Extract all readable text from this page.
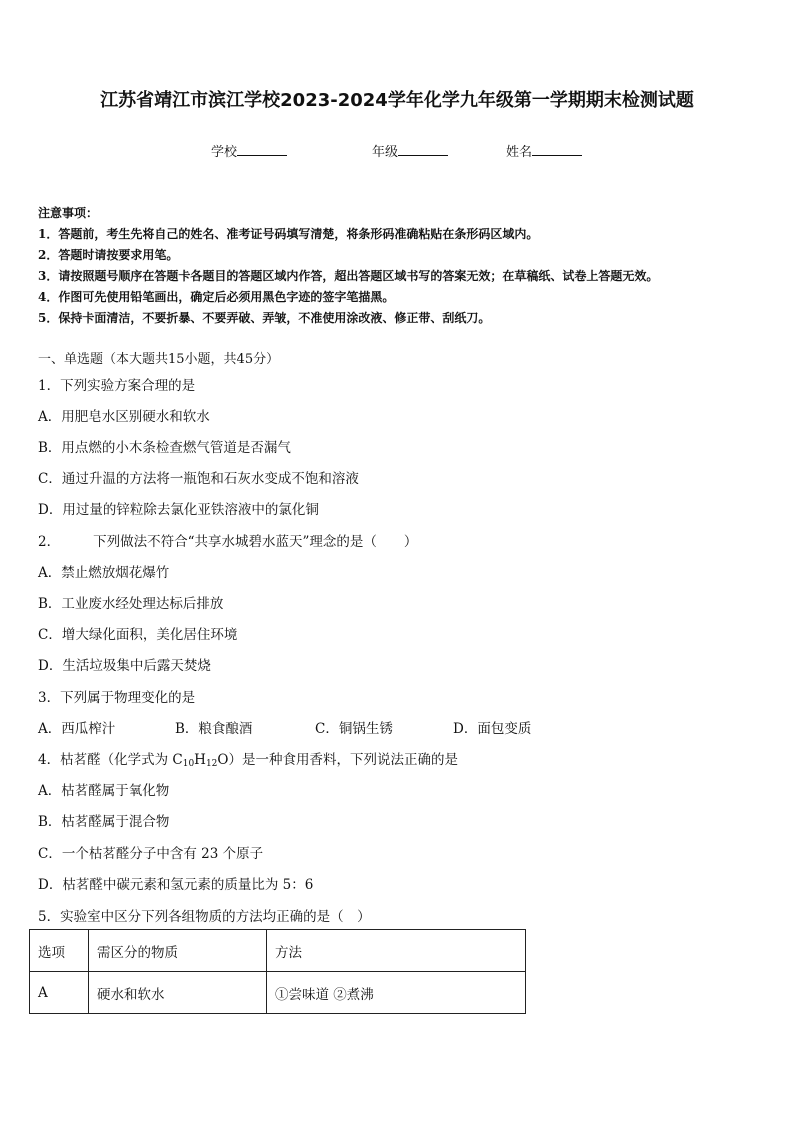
江苏省靖江市滨江学校2023-2024学年化学九年级第一学期期末检测试题
学校	年级	姓名
注意事项：
1．答题前，考生先将自己的姓名、准考证号码填写清楚，将条形码准确粘贴在条形码区域内。
2．答题时请按要求用笔。
3．请按照题号顺序在答题卡各题目的答题区域内作答，超出答题区域书写的答案无效；在草稿纸、试卷上答题无效。
4．作图可先使用铅笔画出，确定后必须用黑色字迹的签字笔描黑。
5．保持卡面清洁，不要折暴、不要弄破、弄皱，不准使用涂改液、修正带、刮纸刀。
一、单选题（本大题共15小题，共45分）
1．下列实验方案合理的是
A．用肥皂水区别硬水和软水
B．用点燃的小木条检查燃气管道是否漏气
C．通过升温的方法将一瓶饱和石灰水变成不饱和溶液
D．用过量的锌粒除去氯化亚铁溶液中的氯化铜
2． 下列做法不符合“共享水城碧水蓝天”理念的是（　　）
A．禁止燃放烟花爆竹
B．工业废水经处理达标后排放
C．增大绿化面积，美化居住环境
D．生活垃圾集中后露天焚烧
3．下列属于物理变化的是
A．西瓜榨汁	B．粮食酿酒	C．铜锅生锈	D．面包变质
4．枯茗醛（化学式为 $C_{10}H_{12}O$）是一种食用香料，下列说法正确的是
A．枯茗醛属于氧化物
B．枯茗醛属于混合物
C．一个枯茗醛分子中含有 23 个原子
D．枯茗醛中碳元素和氢元素的质量比为 5：6
5．实验室中区分下列各组物质的方法均正确的是（　）
选项	需区分的物质	方法
A	硬水和软水	①尝味道 ②煮沸
